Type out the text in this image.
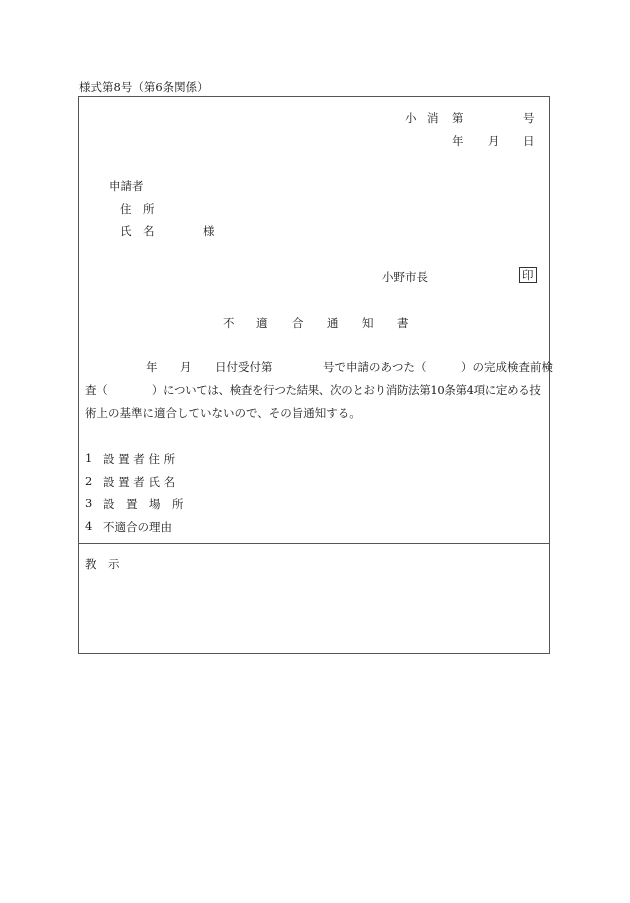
様式第8号（第6条関係）
小 消 第	号
年 月 日
申請者
住　所
氏　名	様
小野市長	印
不 適 合 通 知 書
年 月 日付受付第	号で申請のあつた（　　　）の完成検査前検
査（　　　　）については、検査を行つた結果、次のとおり消防法第10条第4項に定める技
術上の基準に適合していないので、その旨通知する。
1 設 置 者 住 所
2 設 置 者 氏 名
3 設　置　場　所
4 不適合の理由
教　示
